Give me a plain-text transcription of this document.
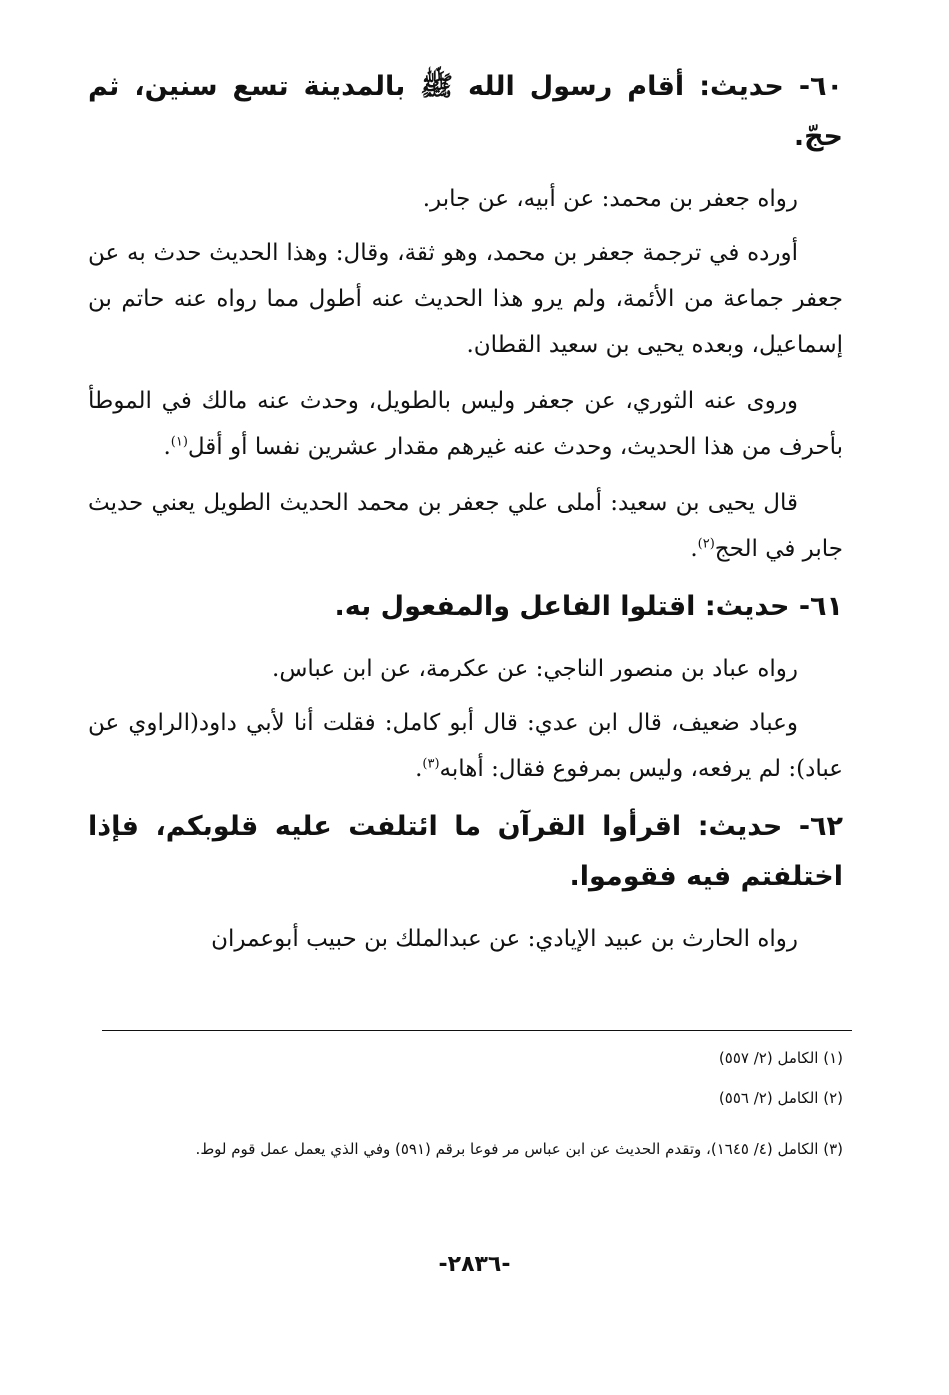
٦٠- حديث: أقام رسول الله ﷺ بالمدينة تسع سنين، ثم حجّ.

رواه جعفر بن محمد: عن أبيه، عن جابر.

أورده في ترجمة جعفر بن محمد، وهو ثقة، وقال: وهذا الحديث حدث به عن جعفر جماعة من الأئمة، ولم يرو هذا الحديث عنه أطول مما رواه عنه حاتم بن إسماعيل، وبعده يحيى بن سعيد القطان.

وروى عنه الثوري، عن جعفر وليس بالطويل، وحدث عنه مالك في الموطأ بأحرف من هذا الحديث، وحدث عنه غيرهم مقدار عشرين نفسا أو أقل$^{(١)}$.

قال يحيى بن سعيد: أملى علي جعفر بن محمد الحديث الطويل يعني حديث جابر في الحج$^{(٢)}$.

٦١- حديث: اقتلوا الفاعل والمفعول به.

رواه عباد بن منصور الناجي: عن عكرمة، عن ابن عباس.

وعباد ضعيف، قال ابن عدي: قال أبو كامل: فقلت أنا لأبي داود(الراوي عن عباد): لم يرفعه، وليس بمرفوع فقال: أهابه$^{(٣)}$.

٦٢- حديث: اقرأوا القرآن ما ائتلفت عليه قلوبكم، فإذا اختلفتم فيه فقوموا.

رواه الحارث بن عبيد الإيادي: عن عبدالملك بن حبيب أبوعمران

(١) الكامل (٢/ ٥٥٧)
(٢) الكامل (٢/ ٥٥٦)
(٣) الكامل (٤/ ١٦٤٥)، وتقدم الحديث عن ابن عباس مر فوعا برقم (٥٩١) وفي الذي يعمل عمل قوم لوط.
-٢٨٣٦-
